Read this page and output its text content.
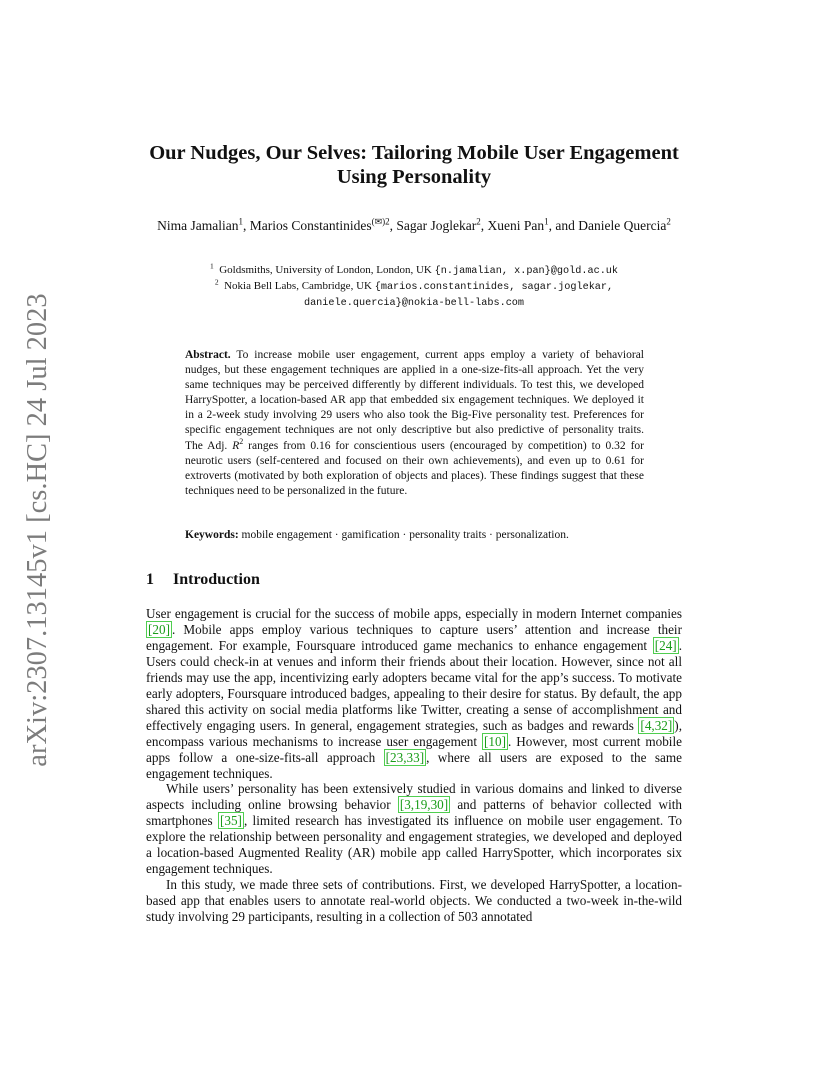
arXiv:2307.13145v1 [cs.HC] 24 Jul 2023
Our Nudges, Our Selves: Tailoring Mobile User Engagement Using Personality
Nima Jamalian$^1$, Marios Constantinides$^{(✉)2}$, Sagar Joglekar$^2$, Xueni Pan$^1$, and Daniele Quercia$^2$
$^1$ Goldsmiths, University of London, London, UK {n.jamalian, x.pan}@gold.ac.uk
$^2$ Nokia Bell Labs, Cambridge, UK {marios.constantinides, sagar.joglekar, daniele.quercia}@nokia-bell-labs.com
Abstract. To increase mobile user engagement, current apps employ a variety of behavioral nudges, but these engagement techniques are applied in a one-size-fits-all approach. Yet the very same techniques may be perceived differently by different individuals. To test this, we developed HarrySpotter, a location-based AR app that embedded six engagement techniques. We deployed it in a 2-week study involving 29 users who also took the Big-Five personality test. Preferences for specific engagement techniques are not only descriptive but also predictive of personality traits. The Adj. $R^2$ ranges from 0.16 for conscientious users (encouraged by competition) to 0.32 for neurotic users (self-centered and focused on their own achievements), and even up to 0.61 for extroverts (motivated by both exploration of objects and places). These findings suggest that these techniques need to be personalized in the future.
Keywords: mobile engagement · gamification · personality traits · personalization.
1 Introduction

User engagement is crucial for the success of mobile apps, especially in modern Internet companies [20] . Mobile apps employ various techniques to capture users’ attention and increase their engagement. For example, Foursquare introduced game mechanics to enhance engagement [24] . Users could check-in at venues and inform their friends about their location. However, since not all friends may use the app, incentivizing early adopters became vital for the app’s success. To motivate early adopters, Foursquare introduced badges, appealing to their desire for status. By default, the app shared this activity on social media platforms like Twitter, creating a sense of accomplishment and effectively engaging users. In general, engagement strategies, such as badges and rewards [4,32] ), encompass various mechanisms to increase user engagement [10] . However, most current mobile apps follow a one-size-fits-all approach [23,33] , where all users are exposed to the same engagement techniques.

While users’ personality has been extensively studied in various domains and linked to diverse aspects including online browsing behavior [3,19,30] and patterns of behavior collected with smartphones [35] , limited research has investigated its influence on mobile user engagement. To explore the relationship between personality and engagement strategies, we developed and deployed a location-based Augmented Reality (AR) mobile app called HarrySpotter, which incorporates six engagement techniques.

In this study, we made three sets of contributions. First, we developed HarrySpotter, a location-based app that enables users to annotate real-world objects. We conducted a two-week in-the-wild study involving 29 participants, resulting in a collection of 503 annotated
